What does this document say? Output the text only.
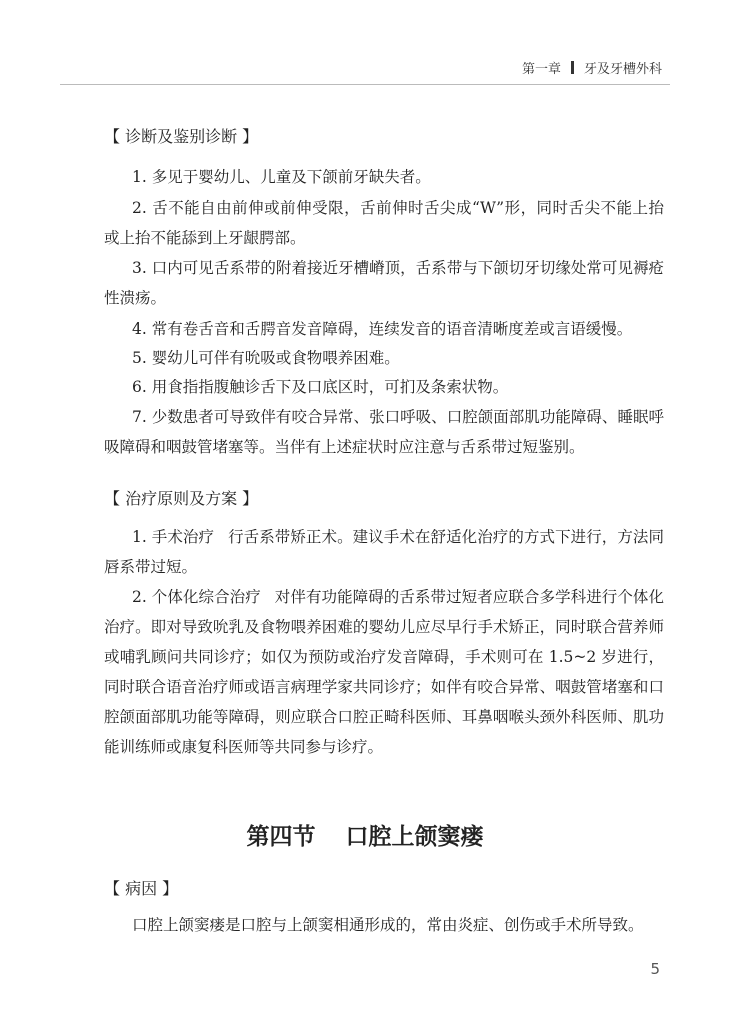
第一章 牙及牙槽外科
【 诊断及鉴别诊断 】

1. 多见于婴幼儿、儿童及下颌前牙缺失者。

2. 舌不能自由前伸或前伸受限，舌前伸时舌尖成“W”形，同时舌尖不能上抬或上抬不能舔到上牙龈腭部。

3. 口内可见舌系带的附着接近牙槽嵴顶，舌系带与下颌切牙切缘处常可见褥疮性溃疡。

4. 常有卷舌音和舌腭音发音障碍，连续发音的语音清晰度差或言语缓慢。

5. 婴幼儿可伴有吮吸或食物喂养困难。

6. 用食指指腹触诊舌下及口底区时，可扪及条索状物。

7. 少数患者可导致伴有咬合异常、张口呼吸、口腔颌面部肌功能障碍、睡眠呼吸障碍和咽鼓管堵塞等。当伴有上述症状时应注意与舌系带过短鉴别。

【 治疗原则及方案 】

1. 手术治疗 行舌系带矫正术。建议手术在舒适化治疗的方式下进行，方法同唇系带过短。

2. 个体化综合治疗 对伴有功能障碍的舌系带过短者应联合多学科进行个体化治疗。即对导致吮乳及食物喂养困难的婴幼儿应尽早行手术矫正，同时联合营养师或哺乳顾问共同诊疗；如仅为预防或治疗发音障碍，手术则可在 1.5~2 岁进行，同时联合语音治疗师或语言病理学家共同诊疗；如伴有咬合异常、咽鼓管堵塞和口腔颌面部肌功能等障碍，则应联合口腔正畸科医师、耳鼻咽喉头颈外科医师、肌功能训练师或康复科医师等共同参与诊疗。

第四节 口腔上颌窦瘘
【 病因 】

口腔上颌窦瘘是口腔与上颌窦相通形成的，常由炎症、创伤或手术所导致。

5
